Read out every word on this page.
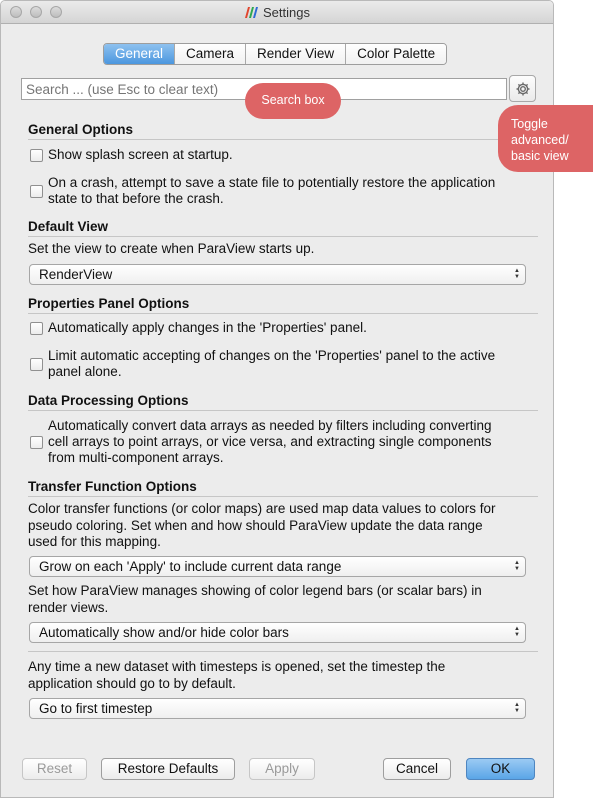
Settings
General	Camera	Render View	Color Palette
Search ... (use Esc to clear text)
General Options
Show splash screen at startup.
On a crash, attempt to save a state file to potentially restore the application
state to that before the crash.
Default View
Set the view to create when ParaView starts up.
RenderView	▲
▼
Properties Panel Options
Automatically apply changes in the 'Properties' panel.
Limit automatic accepting of changes on the 'Properties' panel to the active
panel alone.
Data Processing Options
Automatically convert data arrays as needed by filters including converting
cell arrays to point arrays, or vice versa, and extracting single components
from multi-component arrays.
Transfer Function Options
Color transfer functions (or color maps) are used map data values to colors for
pseudo coloring. Set when and how should ParaView update the data range
used for this mapping.
Grow on each 'Apply' to include current data range	▲
▼
Set how ParaView manages showing of color legend bars (or scalar bars) in
render views.
Automatically show and/or hide color bars	▲
▼
Any time a new dataset with timesteps is opened, set the timestep the
application should go to by default.
Go to first timestep	▲
▼
Reset	Restore Defaults	Apply	Cancel	OK
Search box
Toggle
advanced/
basic view
